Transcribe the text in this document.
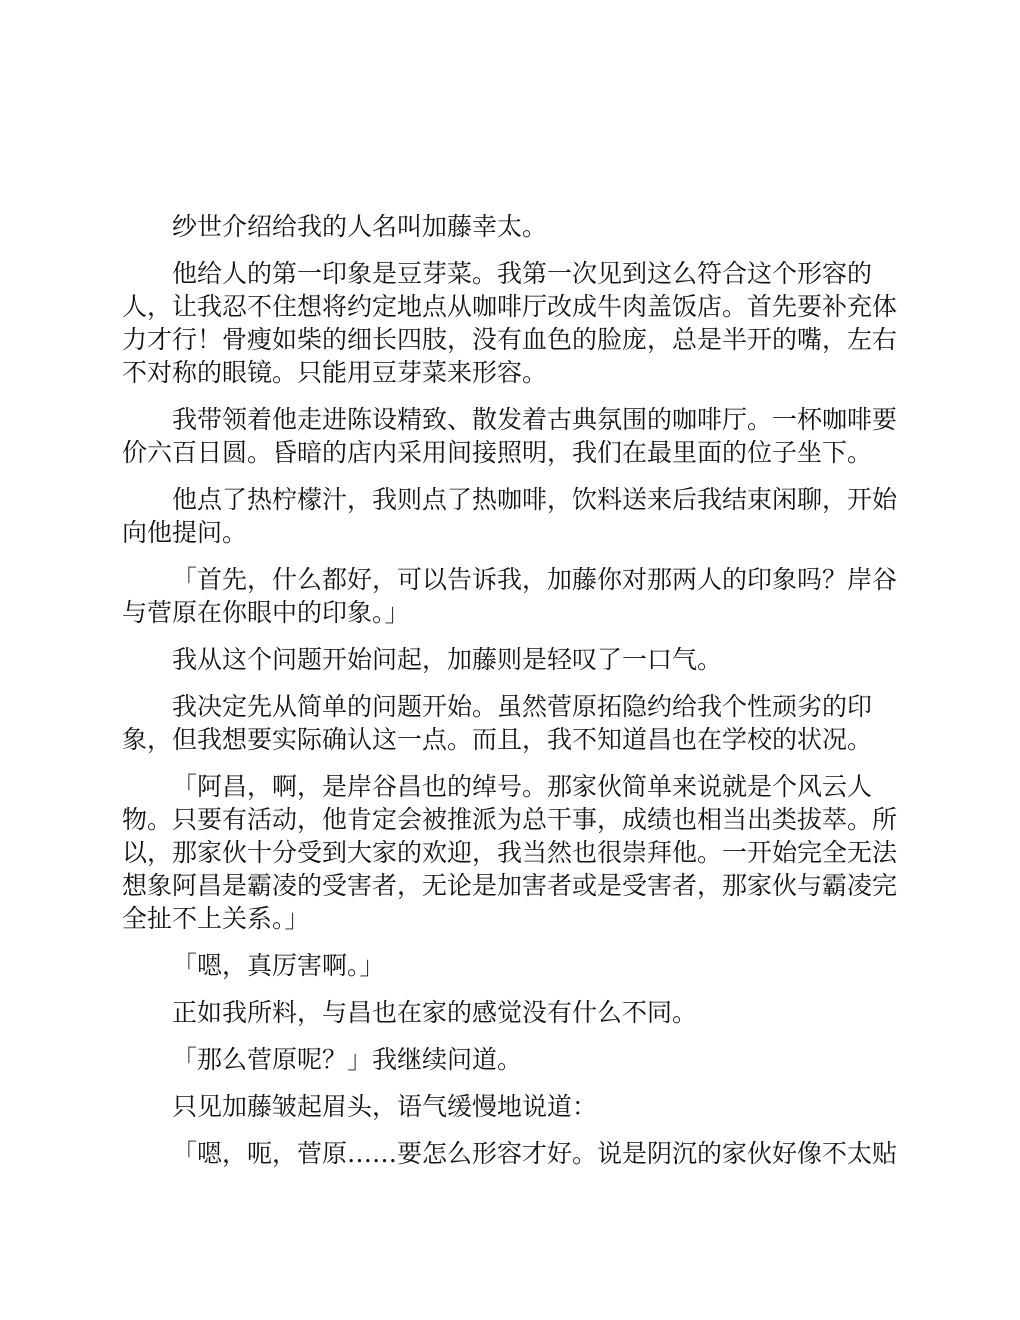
纱世介绍给我的人名叫加藤幸太。

他给人的第一印象是豆芽菜。我第一次见到这么符合这个形容的人，让我忍不住想将约定地点从咖啡厅改成牛肉盖饭店。首先要补充体力才行！骨瘦如柴的细长四肢，没有血色的脸庞，总是半开的嘴，左右不对称的眼镜。只能用豆芽菜来形容。

我带领着他走进陈设精致、散发着古典氛围的咖啡厅。一杯咖啡要价六百日圆。昏暗的店内采用间接照明，我们在最里面的位子坐下。

他点了热柠檬汁，我则点了热咖啡，饮料送来后我结束闲聊，开始向他提问。

「首先，什么都好，可以告诉我，加藤你对那两人的印象吗？岸谷与菅原在你眼中的印象。」

我从这个问题开始问起，加藤则是轻叹了一口气。

我决定先从简单的问题开始。虽然菅原拓隐约给我个性顽劣的印象，但我想要实际确认这一点。而且，我不知道昌也在学校的状况。

「阿昌，啊，是岸谷昌也的绰号。那家伙简单来说就是个风云人物。只要有活动，他肯定会被推派为总干事，成绩也相当出类拔萃。所以，那家伙十分受到大家的欢迎，我当然也很崇拜他。一开始完全无法想象阿昌是霸凌的受害者，无论是加害者或是受害者，那家伙与霸凌完全扯不上关系。」

「嗯，真厉害啊。」

正如我所料，与昌也在家的感觉没有什么不同。

「那么菅原呢？」我继续问道。

只见加藤皱起眉头，语气缓慢地说道：

「嗯，呃，菅原……要怎么形容才好。说是阴沉的家伙好像不太贴
